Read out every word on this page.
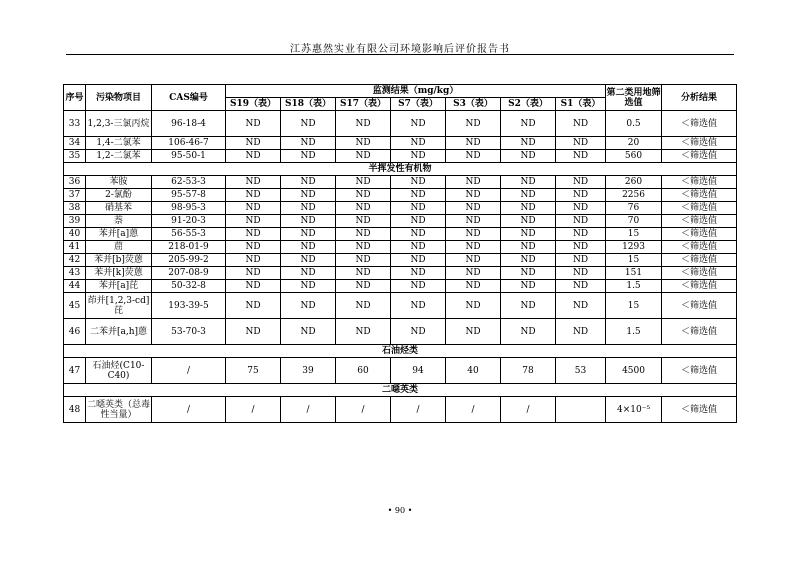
江苏惠然实业有限公司环境影响后评价报告书
序号	污染物项目	CAS编号	监测结果（mg/kg）							第二类用地筛选值	分析结果
			S19（表）	S18（表）	S17（表）	S7（表）	S3（表）	S2（表）	S1（表）		
33	1,2,3-三氯丙烷	96-18-4	ND	ND	ND	ND	ND	ND	ND	0.5	＜筛选值
34	1,4-二氯苯	106-46-7	ND	ND	ND	ND	ND	ND	ND	20	＜筛选值
35	1,2-二氯苯	95-50-1	ND	ND	ND	ND	ND	ND	ND	560	＜筛选值
半挥发性有机物											
36	苯胺	62-53-3	ND	ND	ND	ND	ND	ND	ND	260	＜筛选值
37	2-氯酚	95-57-8	ND	ND	ND	ND	ND	ND	ND	2256	＜筛选值
38	硝基苯	98-95-3	ND	ND	ND	ND	ND	ND	ND	76	＜筛选值
39	萘	91-20-3	ND	ND	ND	ND	ND	ND	ND	70	＜筛选值
40	苯并[a]蒽	56-55-3	ND	ND	ND	ND	ND	ND	ND	15	＜筛选值
41	䓛	218-01-9	ND	ND	ND	ND	ND	ND	ND	1293	＜筛选值
42	苯并[b]荧蒽	205-99-2	ND	ND	ND	ND	ND	ND	ND	15	＜筛选值
43	苯并[k]荧蒽	207-08-9	ND	ND	ND	ND	ND	ND	ND	151	＜筛选值
44	苯并[a]芘	50-32-8	ND	ND	ND	ND	ND	ND	ND	1.5	＜筛选值
45	茚并[1,2,3-cd]芘	193-39-5	ND	ND	ND	ND	ND	ND	ND	15	＜筛选值
46	二苯并[a,h]蒽	53-70-3	ND	ND	ND	ND	ND	ND	ND	1.5	＜筛选值
石油烃类											
47	石油烃(C10-C40)	/	75	39	60	94	40	78	53	4500	＜筛选值
二噁英类											
48	二噁英类（总毒性当量）	/	/	/	/	/	/	/		4×10⁻⁵	＜筛选值
• 90 •
